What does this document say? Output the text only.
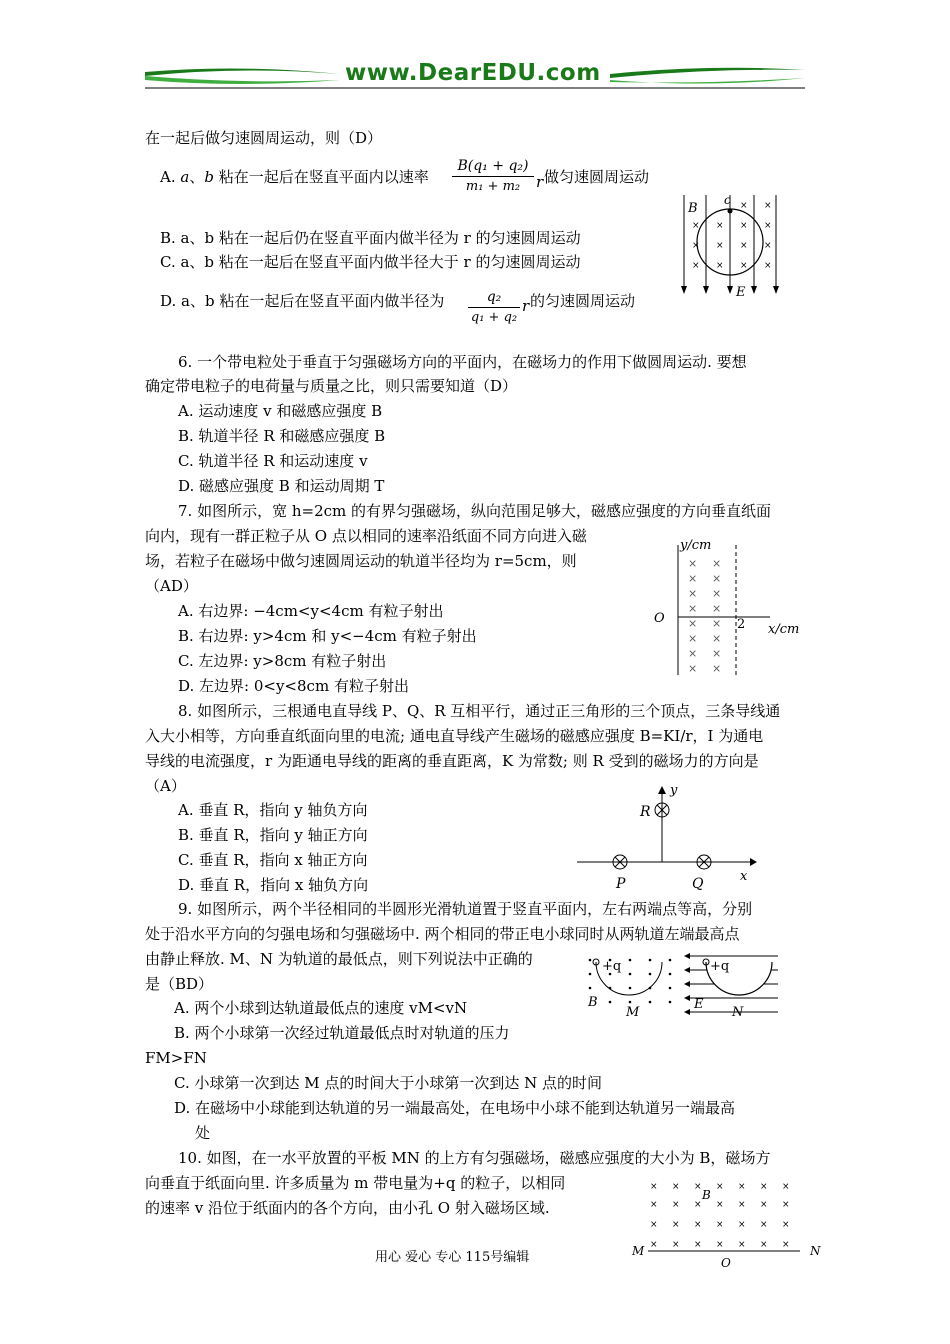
www.DearEDU.com
在一起后做匀速圆周运动，则（D）
A. a、b 粘在一起后在竖直平面内以速率
B(q₁ + q₂)
m₁ + m₂	r 做匀速圆周运动
B. a、b 粘在一起后仍在竖直平面内做半径为 r 的匀速圆周运动
C. a、b 粘在一起后在竖直平面内做半径大于 r 的匀速圆周运动
D. a、b 粘在一起后在竖直平面内做半径为	q₂
q₁ + q₂
r 的匀速圆周运动
× × × ×
× × × ×
× × × ×
×
×
B
c
E
6. 一个带电粒处于垂直于匀强磁场方向的平面内，在磁场力的作用下做圆周运动. 要想
确定带电粒子的电荷量与质量之比，则只需要知道（D）
A. 运动速度 v 和磁感应强度 B
B. 轨道半径 R 和磁感应强度 B
C. 轨道半径 R 和运动速度 v
D. 磁感应强度 B 和运动周期 T
7. 如图所示，宽 h=2cm 的有界匀强磁场，纵向范围足够大，磁感应强度的方向垂直纸面
向内，现有一群正粒子从 O 点以相同的速率沿纸面不同方向进入磁
场，若粒子在磁场中做匀速圆周运动的轨道半径均为 r=5cm，则
（AD）
A. 右边界: −4cm<y<4cm 有粒子射出
B. 右边界: y>4cm 和 y<−4cm 有粒子射出
C. 左边界: y>8cm 有粒子射出
D. 左边界: 0<y<8cm 有粒子射出
× ×
× ×
× ×
× ×
× ×
× ×
× ×
× ×
y/cm
O	2 x/cm
8. 如图所示，三根通电直导线 P、Q、R 互相平行，通过正三角形的三个顶点，三条导线通
入大小相等，方向垂直纸面向里的电流; 通电直导线产生磁场的磁感应强度 B=KI/r，I 为通电
导线的电流强度，r 为距通电导线的距离的垂直距离，K 为常数; 则 R 受到的磁场力的方向是
（A）
A. 垂直 R，指向 y 轴负方向
B. 垂直 R，指向 y 轴正方向
C. 垂直 R，指向 x 轴正方向
D. 垂直 R，指向 x 轴负方向
y
R
P	Q	x
9. 如图所示，两个半径相同的半圆形光滑轨道置于竖直平面内，左右两端点等高，分别
处于沿水平方向的匀强电场和匀强磁场中. 两个相同的带正电小球同时从两轨道左端最高点
由静止释放. M、N 为轨道的最低点，则下列说法中正确的
是（BD）
A. 两个小球到达轨道最低点的速度 vM<vN
B. 两个小球第一次经过轨道最低点时对轨道的压力
FM>FN
C. 小球第一次到达 M 点的时间大于小球第一次到达 N 点的时间
D. 在磁场中小球能到达轨道的另一端最高处，在电场中小球不能到达轨道另一端最高
处
+q
B
M
+q
E
N
10. 如图，在一水平放置的平板 MN 的上方有匀强磁场，磁感应强度的大小为 B，磁场方
向垂直于纸面向里. 许多质量为 m 带电量为+q 的粒子，以相同
的速率 v 沿位于纸面内的各个方向，由小孔 O 射入磁场区域.
× × × × × × ×
× × × × × × ×
× × × × × × ×
× × × × × × ×
B
M	N
O
用心 爱心 专心 115号编辑
